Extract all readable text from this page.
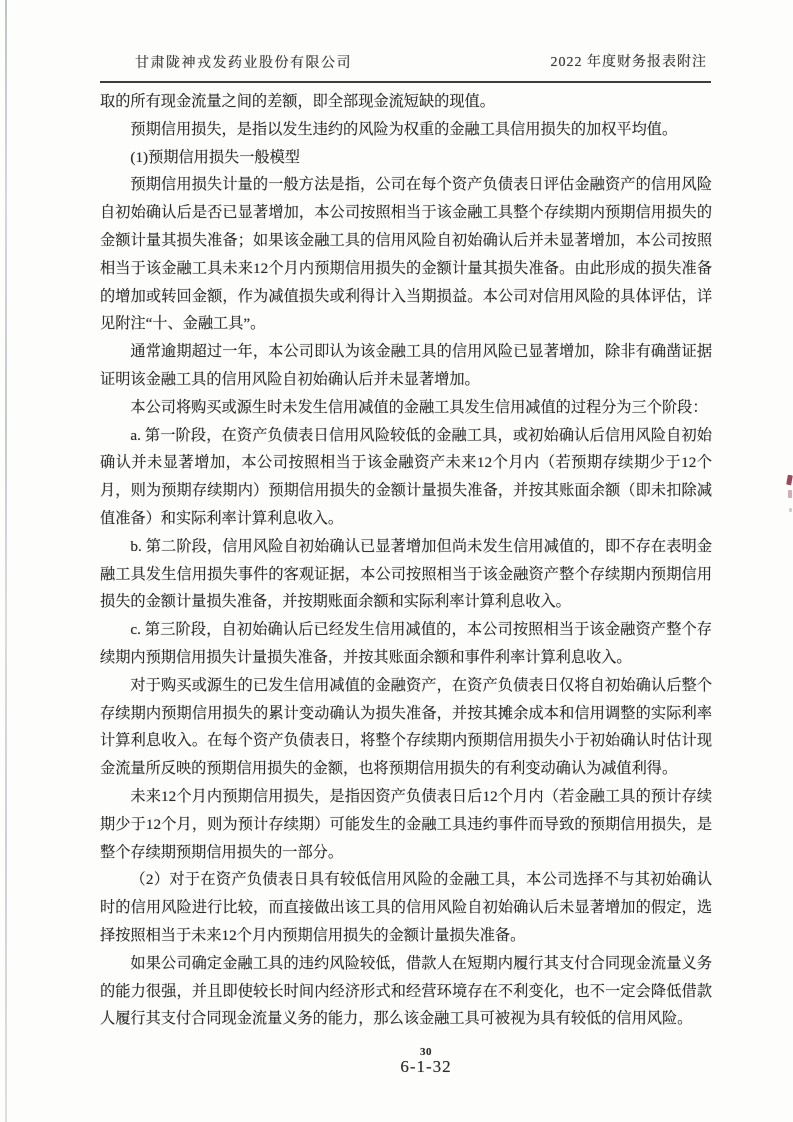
甘肃陇神戎发药业股份有限公司	2022 年度财务报表附注

取的所有现金流量之间的差额，即全部现金流短缺的现值。

预期信用损失，是指以发生违约的风险为权重的金融工具信用损失的加权平均值。

(1)预期信用损失一般模型

预期信用损失计量的一般方法是指，公司在每个资产负债表日评估金融资产的信用风险自初始确认后是否已显著增加，本公司按照相当于该金融工具整个存续期内预期信用损失的金额计量其损失准备；如果该金融工具的信用风险自初始确认后并未显著增加，本公司按照相当于该金融工具未来12个月内预期信用损失的金额计量其损失准备。由此形成的损失准备的增加或转回金额，作为减值损失或利得计入当期损益。本公司对信用风险的具体评估，详见附注“十、金融工具”。

通常逾期超过一年，本公司即认为该金融工具的信用风险已显著增加，除非有确凿证据证明该金融工具的信用风险自初始确认后并未显著增加。

本公司将购买或源生时未发生信用减值的金融工具发生信用减值的过程分为三个阶段：

a. 第一阶段，在资产负债表日信用风险较低的金融工具，或初始确认后信用风险自初始确认并未显著增加，本公司按照相当于该金融资产未来12个月内（若预期存续期少于12个月，则为预期存续期内）预期信用损失的金额计量损失准备，并按其账面余额（即未扣除减值准备）和实际利率计算利息收入。

b. 第二阶段，信用风险自初始确认已显著增加但尚未发生信用减值的，即不存在表明金融工具发生信用损失事件的客观证据，本公司按照相当于该金融资产整个存续期内预期信用损失的金额计量损失准备，并按期账面余额和实际利率计算利息收入。

c. 第三阶段，自初始确认后已经发生信用减值的，本公司按照相当于该金融资产整个存续期内预期信用损失计量损失准备，并按其账面余额和事件利率计算利息收入。

对于购买或源生的已发生信用减值的金融资产，在资产负债表日仅将自初始确认后整个存续期内预期信用损失的累计变动确认为损失准备，并按其摊余成本和信用调整的实际利率计算利息收入。在每个资产负债表日，将整个存续期内预期信用损失小于初始确认时估计现金流量所反映的预期信用损失的金额，也将预期信用损失的有利变动确认为减值利得。

未来12个月内预期信用损失，是指因资产负债表日后12个月内（若金融工具的预计存续期少于12个月，则为预计存续期）可能发生的金融工具违约事件而导致的预期信用损失，是整个存续期预期信用损失的一部分。

（2）对于在资产负债表日具有较低信用风险的金融工具，本公司选择不与其初始确认时的信用风险进行比较，而直接做出该工具的信用风险自初始确认后未显著增加的假定，选择按照相当于未来12个月内预期信用损失的金额计量损失准备。

如果公司确定金融工具的违约风险较低，借款人在短期内履行其支付合同现金流量义务的能力很强，并且即使较长时间内经济形式和经营环境存在不利变化，也不一定会降低借款人履行其支付合同现金流量义务的能力，那么该金融工具可被视为具有较低的信用风险。

30
6-1-32
